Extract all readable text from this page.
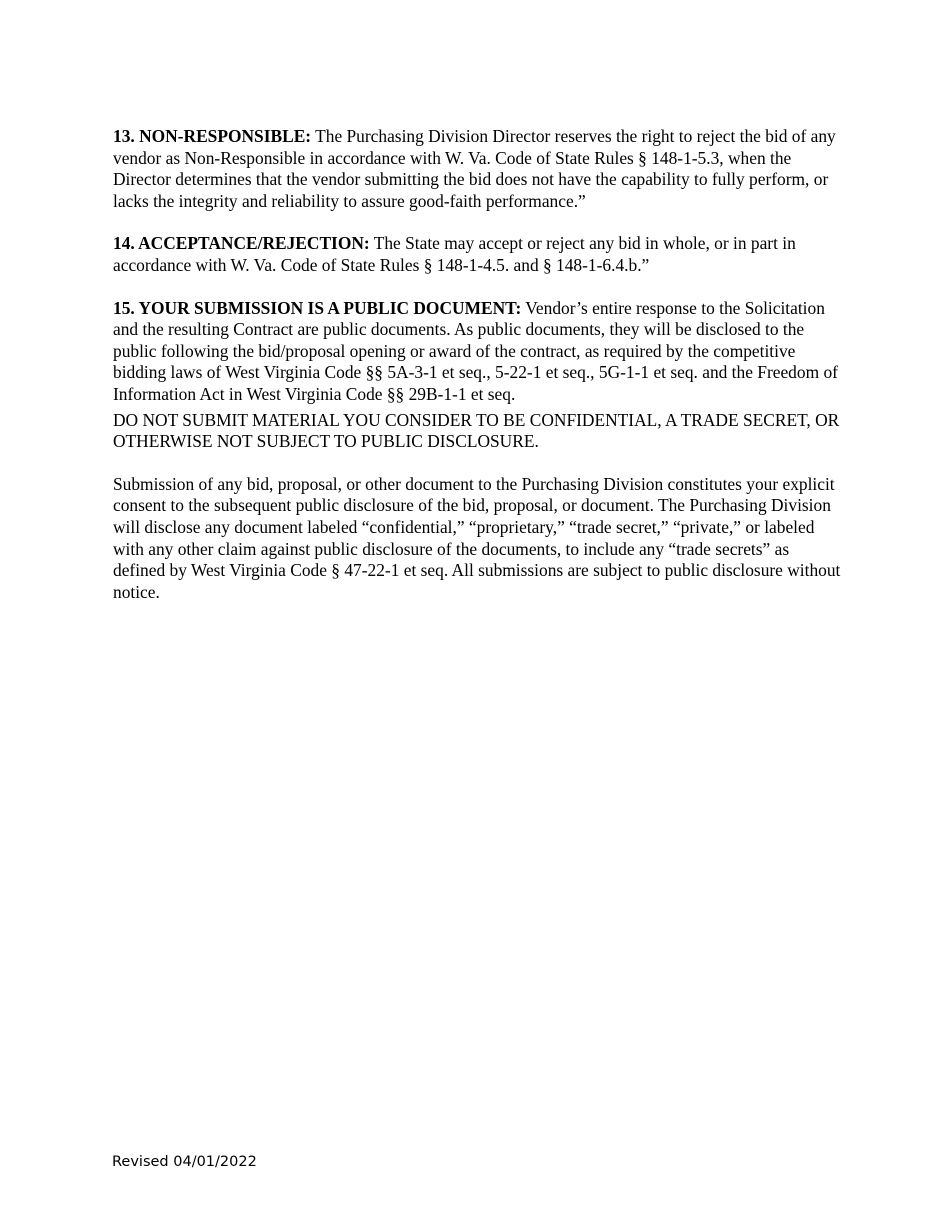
13. NON-RESPONSIBLE: The Purchasing Division Director reserves the right to reject the bid of any vendor as Non-Responsible in accordance with W. Va. Code of State Rules § 148-1-5.3, when the Director determines that the vendor submitting the bid does not have the capability to fully perform, or lacks the integrity and reliability to assure good-faith performance.”

14. ACCEPTANCE/REJECTION: The State may accept or reject any bid in whole, or in part in accordance with W. Va. Code of State Rules § 148-1-4.5. and § 148-1-6.4.b.”

15. YOUR SUBMISSION IS A PUBLIC DOCUMENT: Vendor’s entire response to the Solicitation and the resulting Contract are public documents. As public documents, they will be disclosed to the public following the bid/proposal opening or award of the contract, as required by the competitive bidding laws of West Virginia Code §§ 5A-3-1 et seq., 5-22-1 et seq., 5G-1-1 et seq. and the Freedom of Information Act in West Virginia Code §§ 29B-1-1 et seq.

DO NOT SUBMIT MATERIAL YOU CONSIDER TO BE CONFIDENTIAL, A TRADE SECRET, OR OTHERWISE NOT SUBJECT TO PUBLIC DISCLOSURE.

Submission of any bid, proposal, or other document to the Purchasing Division constitutes your explicit consent to the subsequent public disclosure of the bid, proposal, or document. The Purchasing Division will disclose any document labeled “confidential,” “proprietary,” “trade secret,” “private,” or labeled with any other claim against public disclosure of the documents, to include any “trade secrets” as defined by West Virginia Code § 47-22-1 et seq. All submissions are subject to public disclosure without notice.

Revised 04/01/2022
